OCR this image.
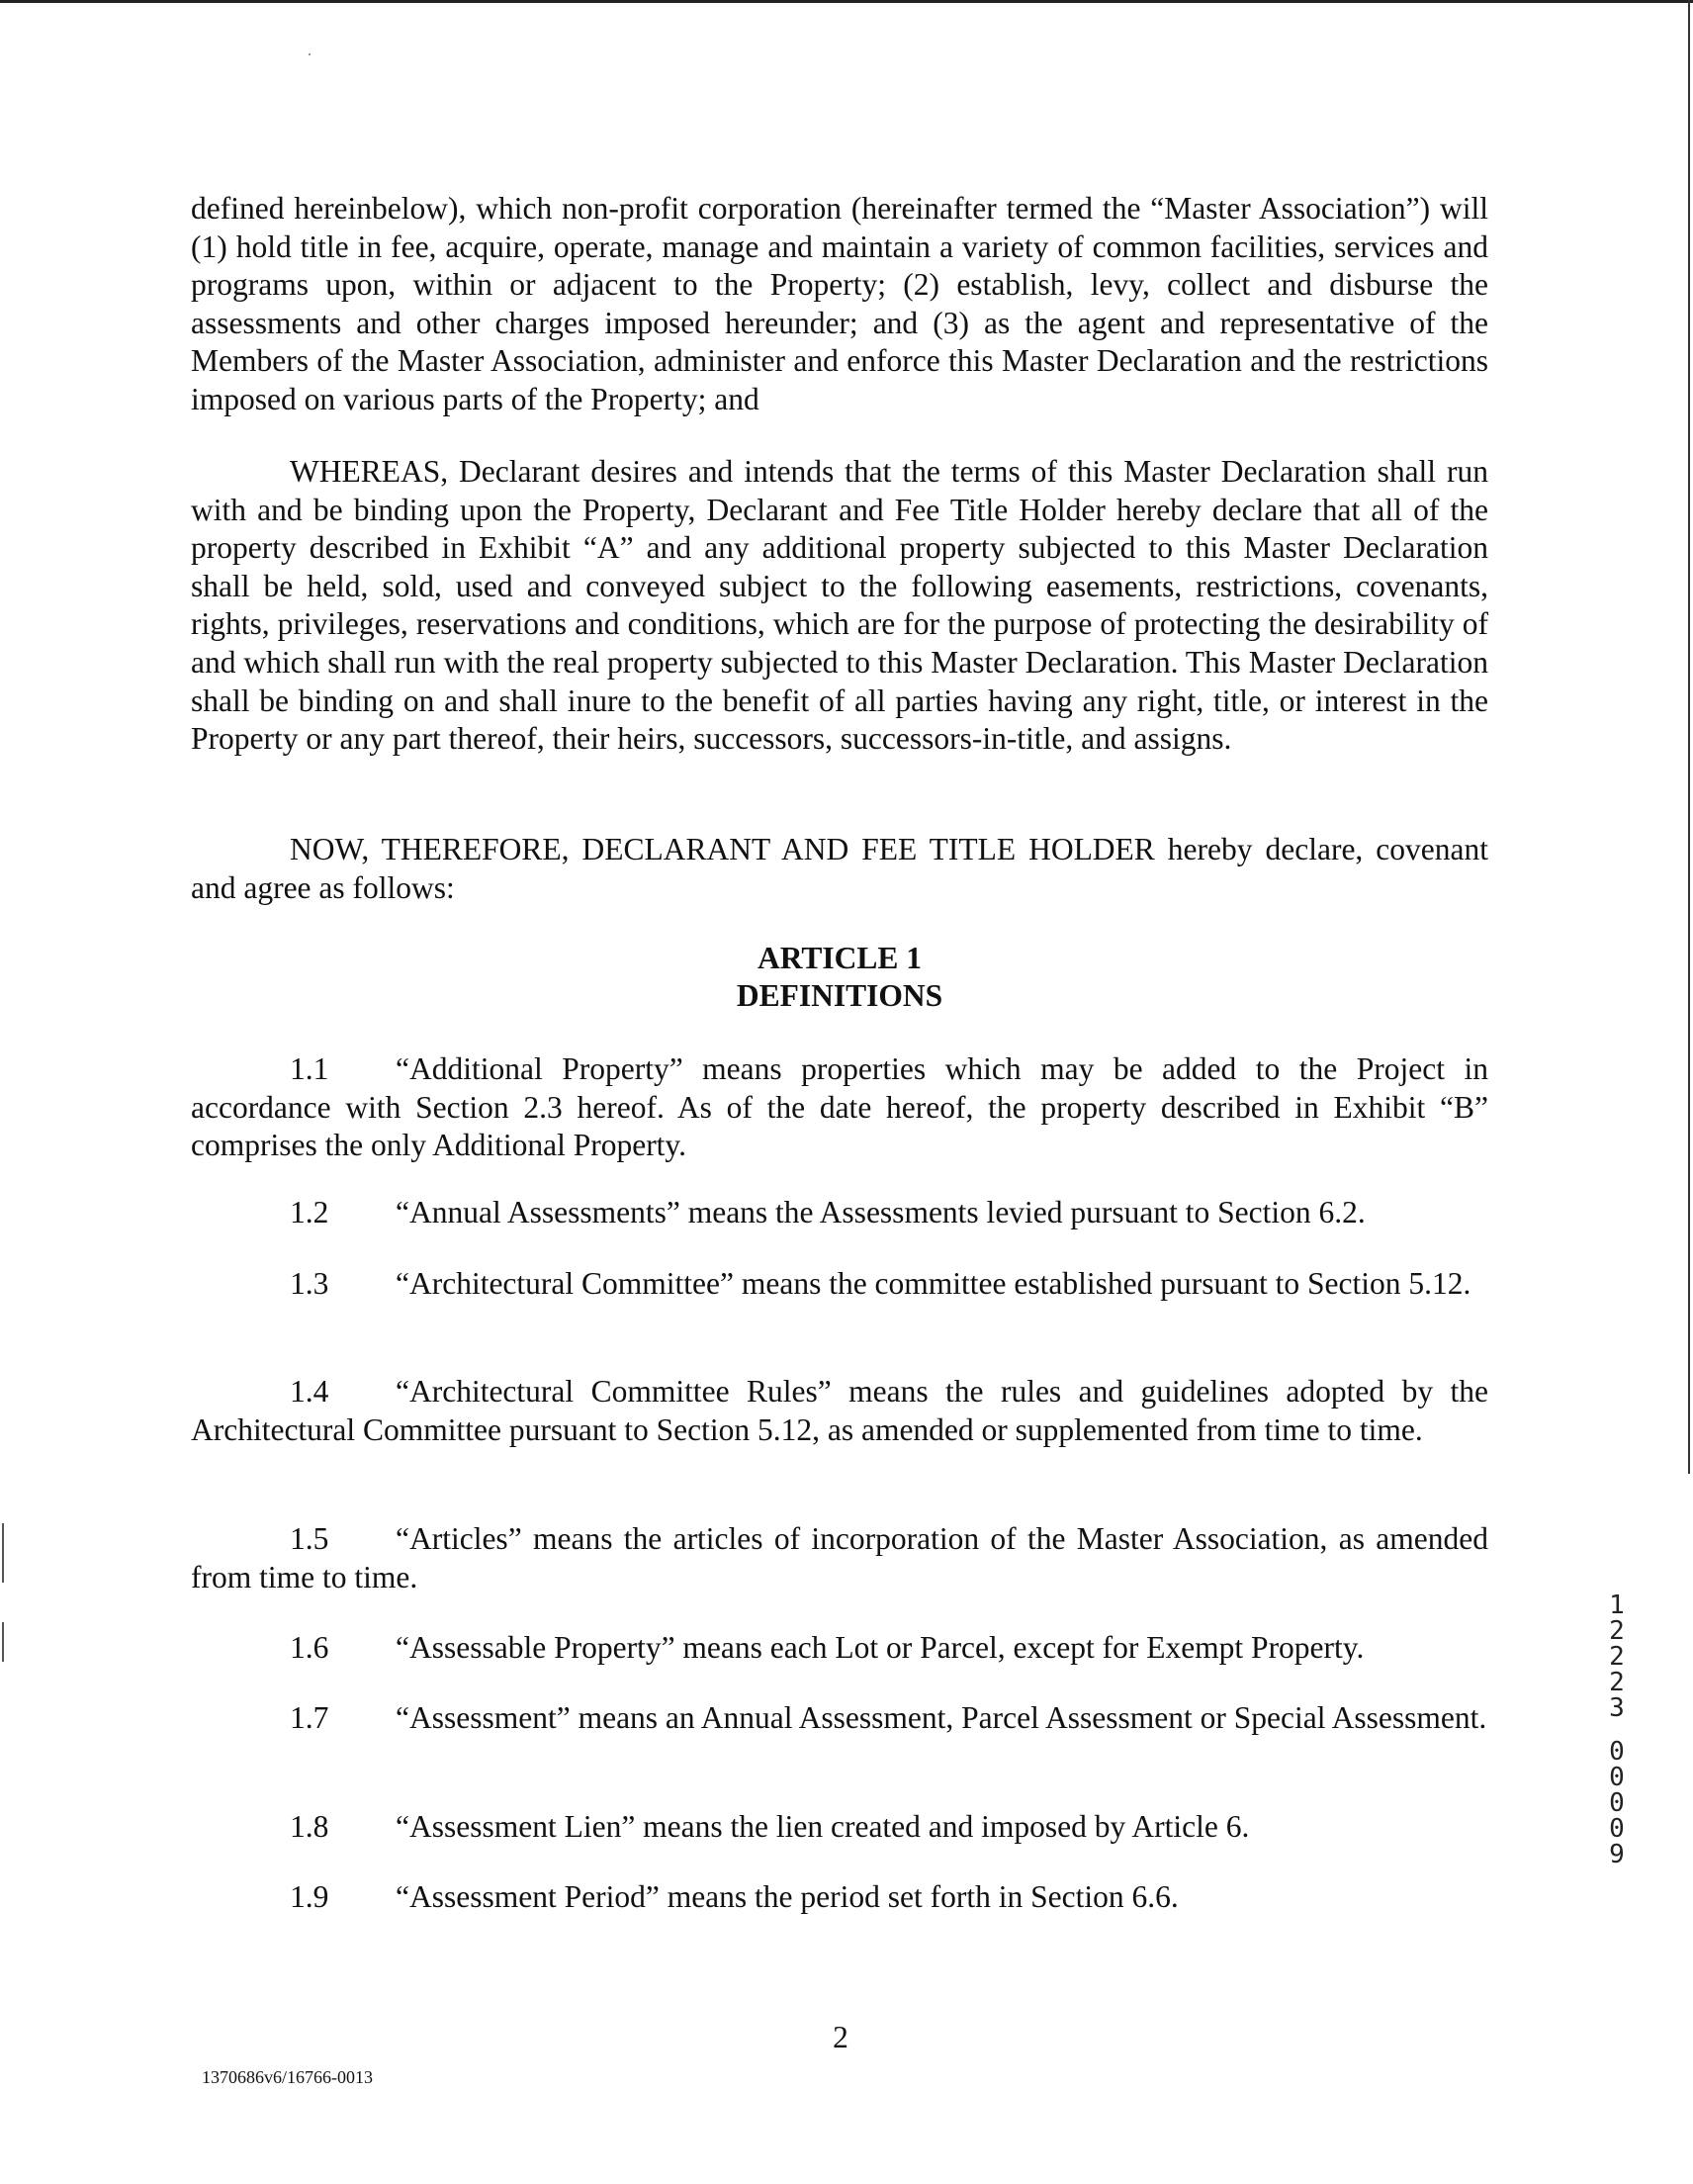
defined hereinbelow), which non-profit corporation (hereinafter termed the “Master Association”) will (1) hold title in fee, acquire, operate, manage and maintain a variety of common facilities, services and programs upon, within or adjacent to the Property; (2) establish, levy, collect and disburse the assessments and other charges imposed hereunder; and (3) as the agent and representative of the Members of the Master Association, administer and enforce this Master Declaration and the restrictions imposed on various parts of the Property; and

WHEREAS, Declarant desires and intends that the terms of this Master Declaration shall run with and be binding upon the Property, Declarant and Fee Title Holder hereby declare that all of the property described in Exhibit “A” and any additional property subjected to this Master Declaration shall be held, sold, used and conveyed subject to the following easements, restrictions, covenants, rights, privileges, reservations and conditions, which are for the purpose of protecting the desirability of and which shall run with the real property subjected to this Master Declaration. This Master Declaration shall be binding on and shall inure to the benefit of all parties having any right, title, or interest in the Property or any part thereof, their heirs, successors, successors-in-title, and assigns.

NOW, THEREFORE, DECLARANT AND FEE TITLE HOLDER hereby declare, covenant and agree as follows:

ARTICLE 1
DEFINITIONS

1.1 “Additional Property” means properties which may be added to the Project in accordance with Section 2.3 hereof. As of the date hereof, the property described in Exhibit “B” comprises the only Additional Property.

1.2 “Annual Assessments” means the Assessments levied pursuant to Section 6.2.

1.3 “Architectural Committee” means the committee established pursuant to Section 5.12.

1.4 “Architectural Committee Rules” means the rules and guidelines adopted by the Architectural Committee pursuant to Section 5.12, as amended or supplemented from time to time.

1.5 “Articles” means the articles of incorporation of the Master Association, as amended from time to time.

1.6 “Assessable Property” means each Lot or Parcel, except for Exempt Property.

1.7 “Assessment” means an Annual Assessment, Parcel Assessment or Special Assessment.

1.8 “Assessment Lien” means the lien created and imposed by Article 6.

1.9 “Assessment Period” means the period set forth in Section 6.6.

1
2
2
2
3
0
0
0
0
9
2
1370686v6/16766-0013
